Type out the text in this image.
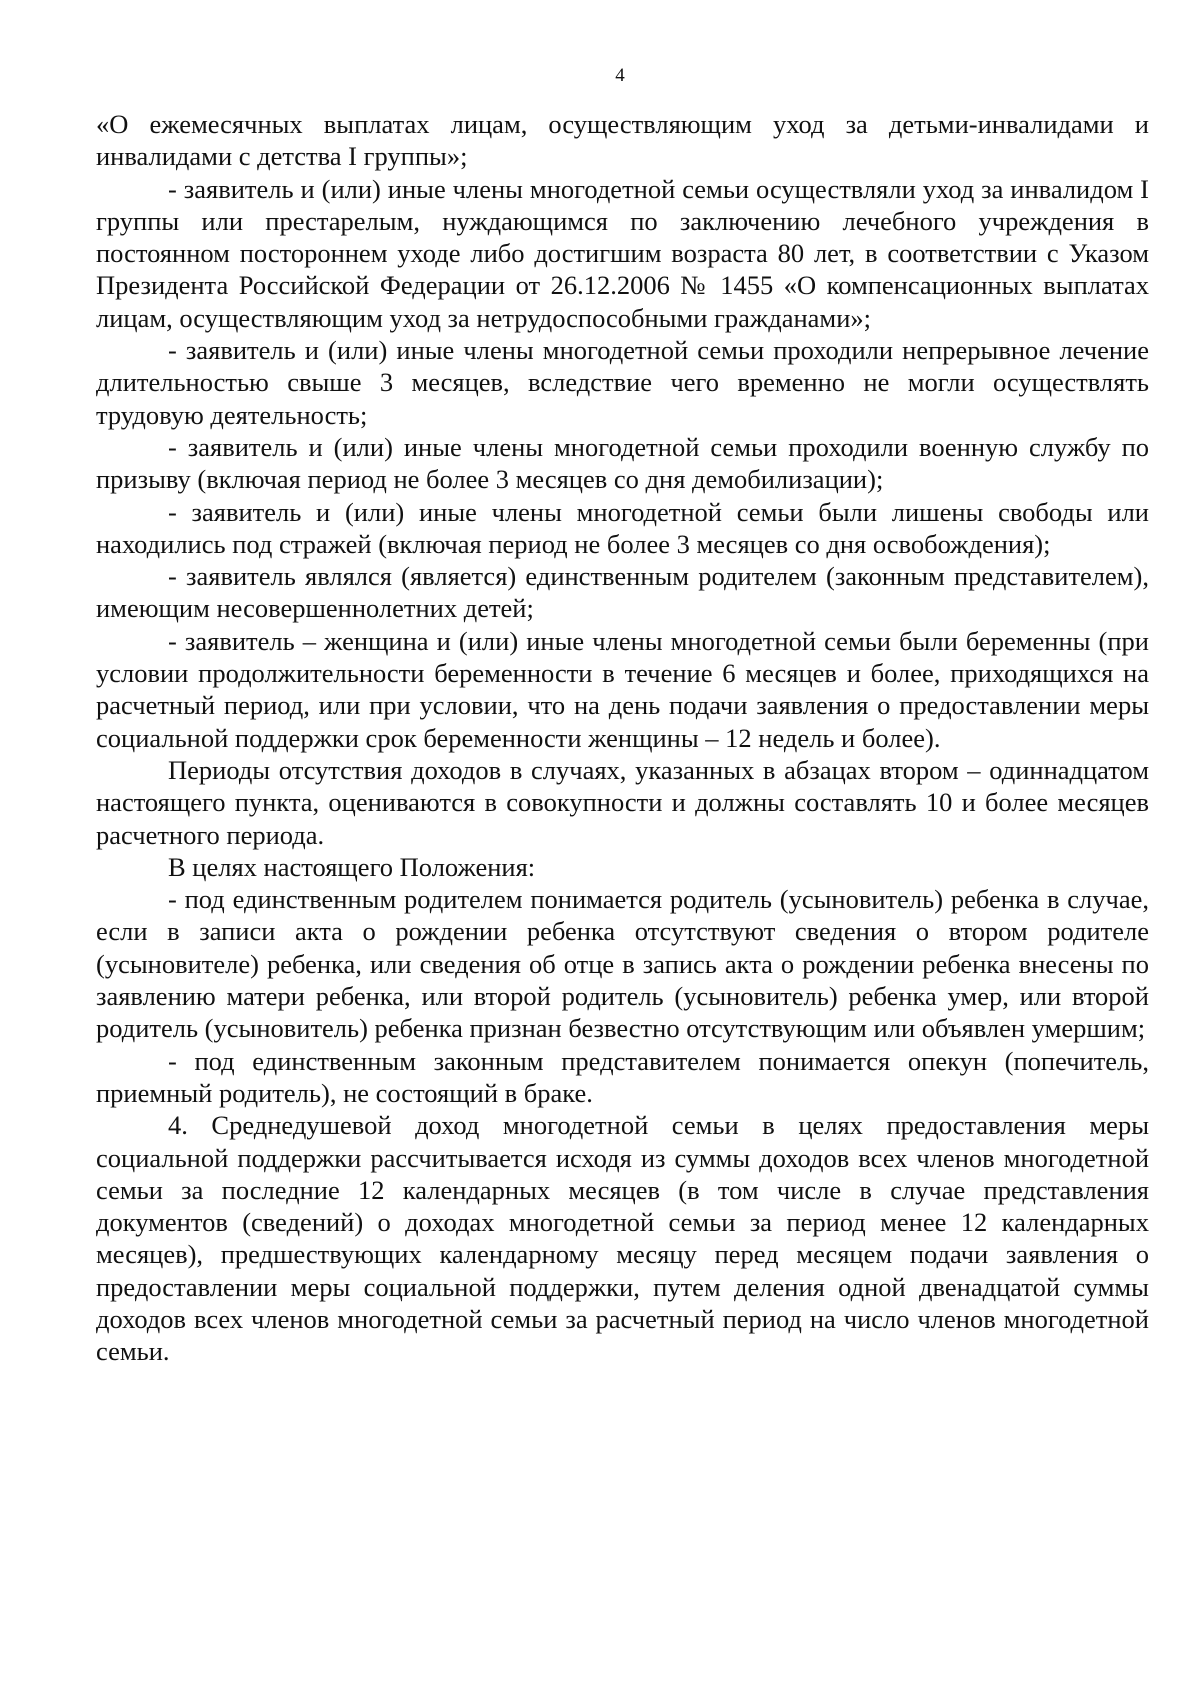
4

«О ежемесячных выплатах лицам, осуществляющим уход за детьми-инвалидами и инвалидами с детства I группы»;

- заявитель и (или) иные члены многодетной семьи осуществляли уход за инвалидом I группы или престарелым, нуждающимся по заключению лечебного учреждения в постоянном постороннем уходе либо достигшим возраста 80 лет, в соответствии с Указом Президента Российской Федерации от 26.12.2006 № 1455 «О компенсационных выплатах лицам, осуществляющим уход за нетрудоспособными гражданами»;

- заявитель и (или) иные члены многодетной семьи проходили непрерывное лечение длительностью свыше 3 месяцев, вследствие чего временно не могли осуществлять трудовую деятельность;

- заявитель и (или) иные члены многодетной семьи проходили военную службу по призыву (включая период не более 3 месяцев со дня демобилизации);

- заявитель и (или) иные члены многодетной семьи были лишены свободы или находились под стражей (включая период не более 3 месяцев со дня освобождения);

- заявитель являлся (является) единственным родителем (законным представителем), имеющим несовершеннолетних детей;

- заявитель – женщина и (или) иные члены многодетной семьи были беременны (при условии продолжительности беременности в течение 6 месяцев и более, приходящихся на расчетный период, или при условии, что на день подачи заявления о предоставлении меры социальной поддержки срок беременности женщины – 12 недель и более).

Периоды отсутствия доходов в случаях, указанных в абзацах втором – одиннадцатом настоящего пункта, оцениваются в совокупности и должны составлять 10 и более месяцев расчетного периода.

В целях настоящего Положения:

- под единственным родителем понимается родитель (усыновитель) ребенка в случае, если в записи акта о рождении ребенка отсутствуют сведения о втором родителе (усыновителе) ребенка, или сведения об отце в запись акта о рождении ребенка внесены по заявлению матери ребенка, или второй родитель (усыновитель) ребенка умер, или второй родитель (усыновитель) ребенка признан безвестно отсутствующим или объявлен умершим;

- под единственным законным представителем понимается опекун (попечитель, приемный родитель), не состоящий в браке.

4. Среднедушевой доход многодетной семьи в целях предоставления меры социальной поддержки рассчитывается исходя из суммы доходов всех членов многодетной семьи за последние 12 календарных месяцев (в том числе в случае представления документов (сведений) о доходах многодетной семьи за период менее 12 календарных месяцев), предшествующих календарному месяцу перед месяцем подачи заявления о предоставлении меры социальной поддержки, путем деления одной двенадцатой суммы доходов всех членов многодетной семьи за расчетный период на число членов многодетной семьи.
